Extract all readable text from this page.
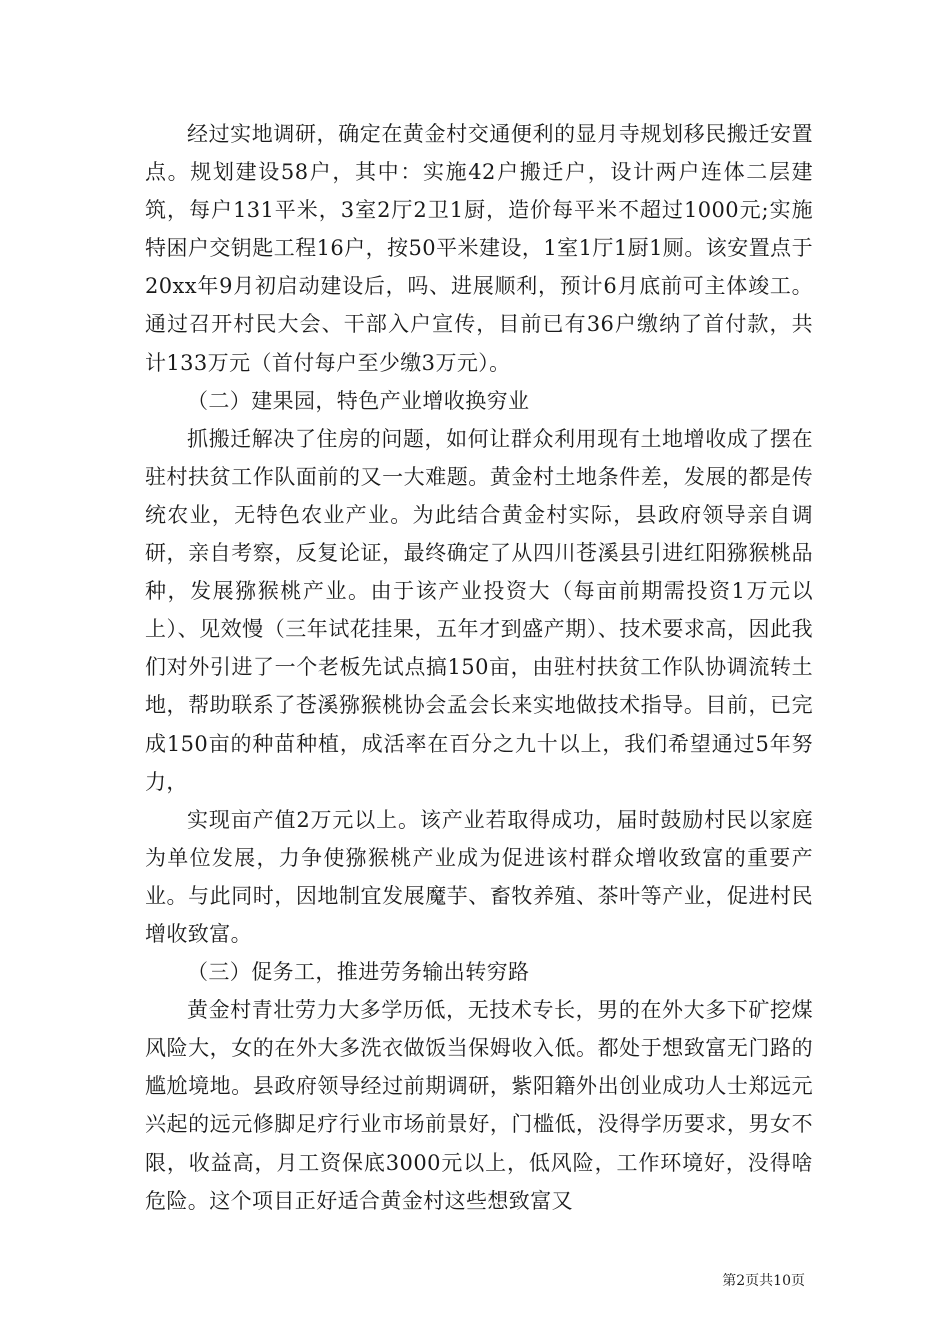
经过实地调研，确定在黄金村交通便利的显月寺规划移民搬迁安置点。规划建设58户，其中：实施42户搬迁户，设计两户连体二层建筑，每户131平米，3室2厅2卫1厨，造价每平米不超过1000元;实施特困户交钥匙工程16户，按50平米建设，1室1厅1厨1厕。该安置点于20xx年9月初启动建设后，吗、进展顺利，预计6月底前可主体竣工。通过召开村民大会、干部入户宣传，目前已有36户缴纳了首付款，共计133万元（首付每户至少缴3万元）。

（二）建果园，特色产业增收换穷业

抓搬迁解决了住房的问题，如何让群众利用现有土地增收成了摆在驻村扶贫工作队面前的又一大难题。黄金村土地条件差，发展的都是传统农业，无特色农业产业。为此结合黄金村实际，县政府领导亲自调研，亲自考察，反复论证，最终确定了从四川苍溪县引进红阳猕猴桃品种，发展猕猴桃产业。由于该产业投资大（每亩前期需投资1万元以上）、见效慢（三年试花挂果，五年才到盛产期）、技术要求高，因此我们对外引进了一个老板先试点搞150亩，由驻村扶贫工作队协调流转土地，帮助联系了苍溪猕猴桃协会孟会长来实地做技术指导。目前，已完成150亩的种苗种植，成活率在百分之九十以上，我们希望通过5年努力，

实现亩产值2万元以上。该产业若取得成功，届时鼓励村民以家庭为单位发展，力争使猕猴桃产业成为促进该村群众增收致富的重要产业。与此同时，因地制宜发展魔芋、畜牧养殖、茶叶等产业，促进村民增收致富。

（三）促务工，推进劳务输出转穷路

黄金村青壮劳力大多学历低，无技术专长，男的在外大多下矿挖煤风险大，女的在外大多洗衣做饭当保姆收入低。都处于想致富无门路的尴尬境地。县政府领导经过前期调研，紫阳籍外出创业成功人士郑远元兴起的远元修脚足疗行业市场前景好，门槛低，没得学历要求，男女不限，收益高，月工资保底3000元以上，低风险，工作环境好，没得啥危险。这个项目正好适合黄金村这些想致富又

第2页共10页
